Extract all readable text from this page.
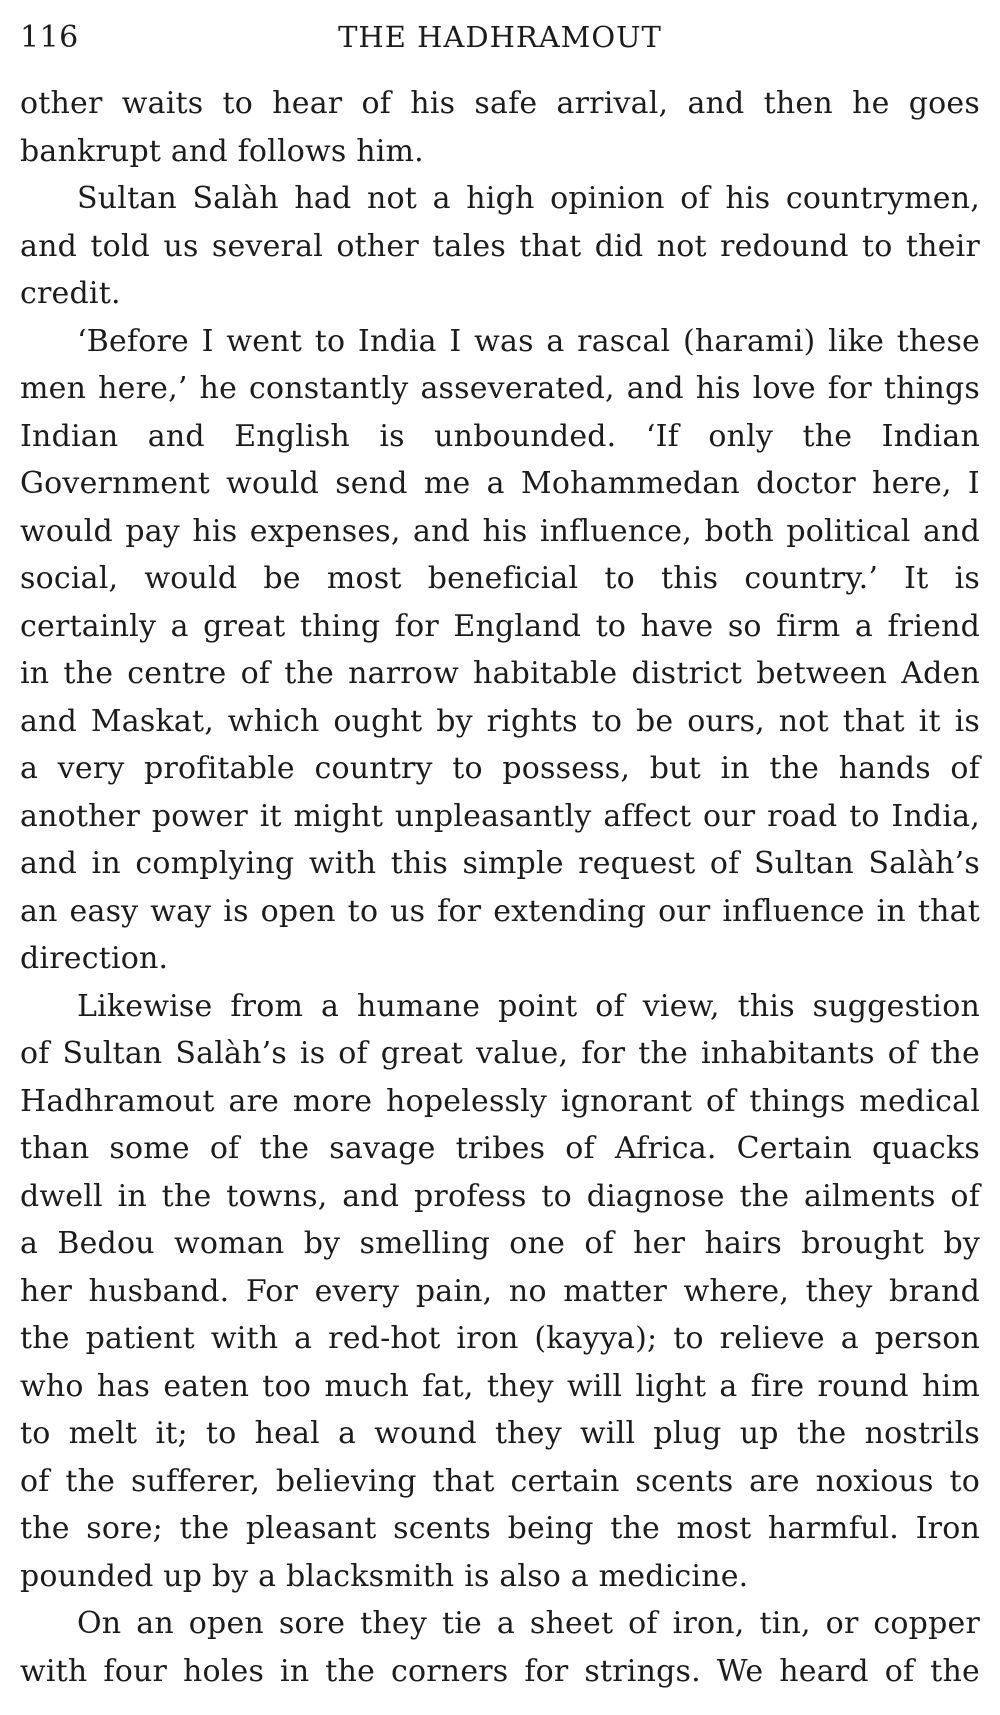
116	THE HADHRAMOUT
other waits to hear of his safe arrival, and then he goes
bankrupt and follows him.
Sultan Salàh had not a high opinion of his countrymen,
and told us several other tales that did not redound to their
credit.
‘Before I went to India I was a rascal (harami) like these
men here,’ he constantly asseverated, and his love for things
Indian and English is unbounded. ‘If only the Indian
Government would send me a Mohammedan doctor here, I
would pay his expenses, and his influence, both political and
social, would be most beneficial to this country.’ It is
certainly a great thing for England to have so firm a friend
in the centre of the narrow habitable district between Aden
and Maskat, which ought by rights to be ours, not that it is
a very profitable country to possess, but in the hands of
another power it might unpleasantly affect our road to India,
and in complying with this simple request of Sultan Salàh’s
an easy way is open to us for extending our influence in that
direction.
Likewise from a humane point of view, this suggestion
of Sultan Salàh’s is of great value, for the inhabitants of the
Hadhramout are more hopelessly ignorant of things medical
than some of the savage tribes of Africa. Certain quacks
dwell in the towns, and profess to diagnose the ailments of
a Bedou woman by smelling one of her hairs brought by
her husband. For every pain, no matter where, they brand
the patient with a red-hot iron (kayya); to relieve a person
who has eaten too much fat, they will light a fire round him
to melt it; to heal a wound they will plug up the nostrils
of the sufferer, believing that certain scents are noxious to
the sore; the pleasant scents being the most harmful. Iron
pounded up by a blacksmith is also a medicine.
On an open sore they tie a sheet of iron, tin, or copper
with four holes in the corners for strings. We heard of the
